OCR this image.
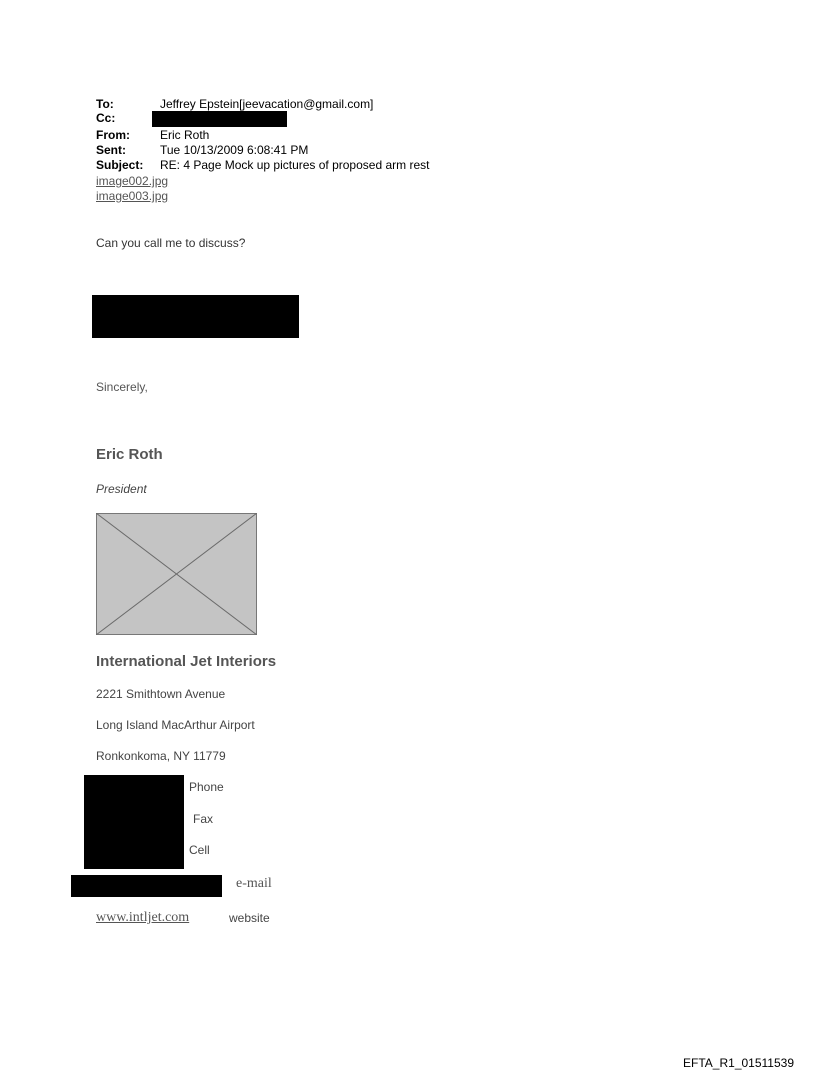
To:	Jeffrey Epstein[jeevacation@gmail.com]
Cc:
From:	Eric Roth
Sent:	Tue 10/13/2009 6:08:41 PM
Subject: RE: 4 Page Mock up pictures of proposed arm rest
image002.jpg
image003.jpg
Can you call me to discuss?
Sincerely,
Eric Roth
President
International Jet Interiors
2221 Smithtown Avenue
Long Island MacArthur Airport
Ronkonkoma, NY 11779
Phone
Fax
Cell
e-mail
www.intljet.com	website
EFTA_R1_01511539
